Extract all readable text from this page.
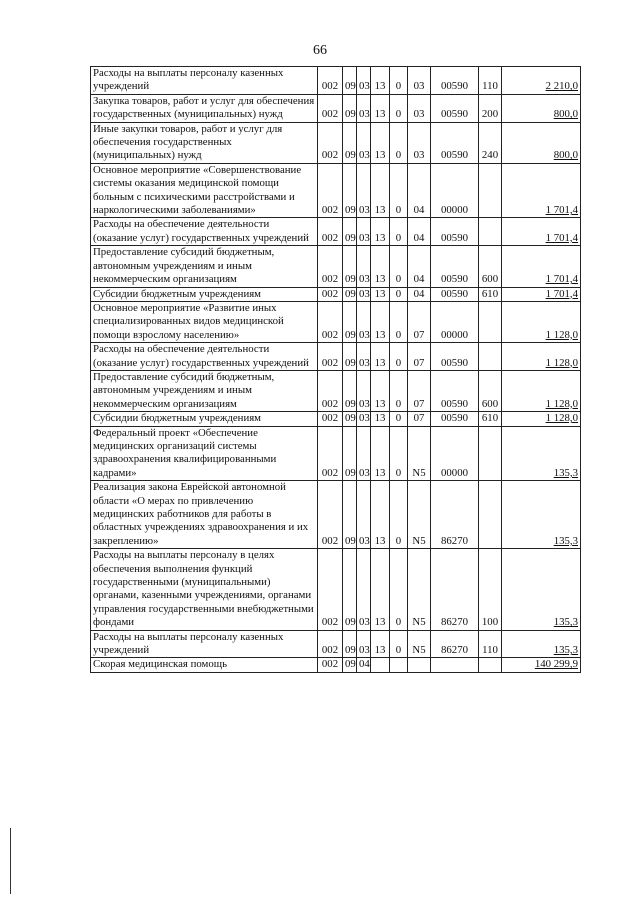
66
Расходы на выплаты персоналу казенных учреждений	002	09	03	13	0	03	00590	110	2 210,0
Закупка товаров, работ и услуг для обеспечения государственных (муниципальных) нужд	002	09	03	13	0	03	00590	200	800,0
Иные закупки товаров, работ и услуг для обеспечения государственных (муниципальных) нужд	002	09	03	13	0	03	00590	240	800,0
Основное мероприятие «Совершенствование системы оказания медицинской помощи больным с психическими расстройствами и наркологическими заболеваниями»	002	09	03	13	0	04	00000		1 701,4
Расходы на обеспечение деятельности (оказание услуг) государственных учреждений	002	09	03	13	0	04	00590		1 701,4
Предоставление субсидий бюджетным, автономным учреждениям и иным некоммерческим организациям	002	09	03	13	0	04	00590	600	1 701,4
Субсидии бюджетным учреждениям	002	09	03	13	0	04	00590	610	1 701,4
Основное мероприятие «Развитие иных специализированных видов медицинской помощи взрослому населению»	002	09	03	13	0	07	00000		1 128,0
Расходы на обеспечение деятельности (оказание услуг) государственных учреждений	002	09	03	13	0	07	00590		1 128,0
Предоставление субсидий бюджетным, автономным учреждениям и иным некоммерческим организациям	002	09	03	13	0	07	00590	600	1 128,0
Субсидии бюджетным учреждениям	002	09	03	13	0	07	00590	610	1 128,0
Федеральный проект «Обеспечение медицинских организаций системы здравоохранения квалифицированными кадрами»	002	09	03	13	0	N5	00000		135,3
Реализация закона Еврейской автономной области «О мерах по привлечению медицинских работников для работы в областных учреждениях здравоохранения и их закреплению»	002	09	03	13	0	N5	86270		135,3
Расходы на выплаты персоналу в целях обеспечения выполнения функций государственными (муниципальными) органами, казенными учреждениями, органами управления государственными внебюджетными фондами	002	09	03	13	0	N5	86270	100	135,3
Расходы на выплаты персоналу казенных учреждений	002	09	03	13	0	N5	86270	110	135,3
Скорая медицинская помощь	002	09	04						140 299,9
